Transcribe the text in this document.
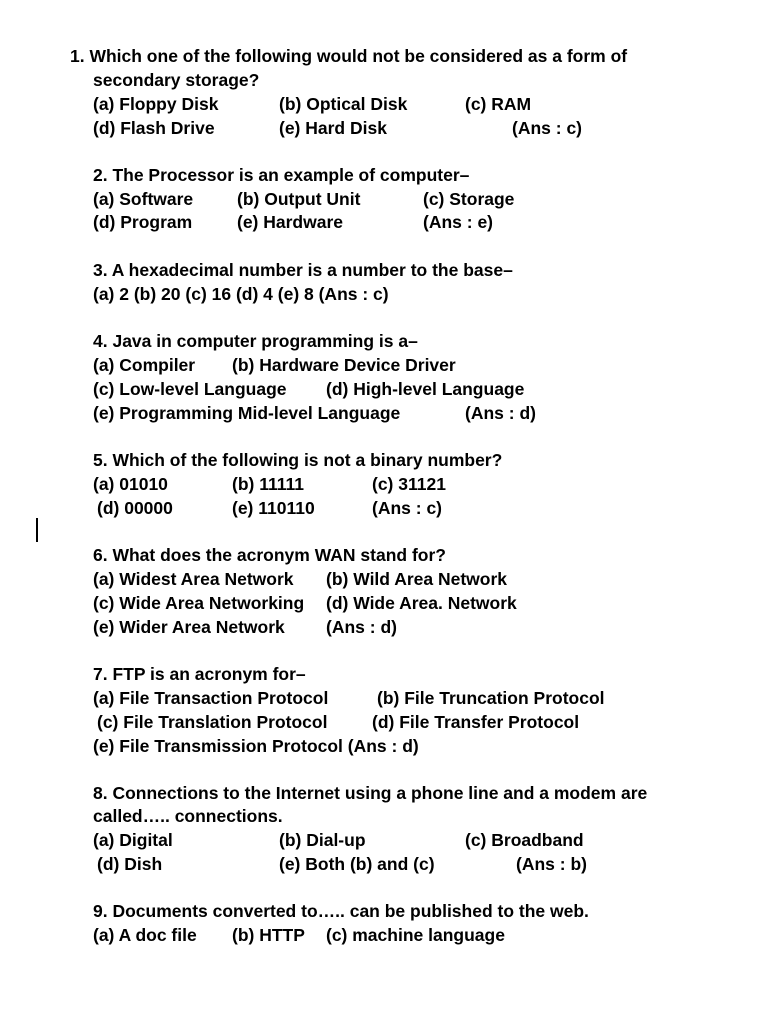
1. Which one of the following would not be considered as a form of
secondary storage?
(a) Floppy Disk	(b) Optical Disk	(c) RAM
(d) Flash Drive	(e) Hard Disk	(Ans : c)
2. The Processor is an example of computer–
(a) Software	(b) Output Unit	(c) Storage
(d) Program	(e) Hardware	(Ans : e)
3. A hexadecimal number is a number to the base–
(a) 2 (b) 20 (c) 16 (d) 4 (e) 8 (Ans : c)
4. Java in computer programming is a–
(a) Compiler (b) Hardware Device Driver
(c) Low-level Language (d) High-level Language
(e) Programming Mid-level Language	(Ans : d)
5. Which of the following is not a binary number?
(a) 01010	(b) 11111	(c) 31121
(d) 00000	(e) 110110	(Ans : c)
6. What does the acronym WAN stand for?
(a) Widest Area Network (b) Wild Area Network
(c) Wide Area Networking (d) Wide Area. Network
(e) Wider Area Network (Ans : d)
7. FTP is an acronym for–
(a) File Transaction Protocol	(b) File Truncation Protocol
(c) File Translation Protocol	(d) File Transfer Protocol
(e) File Transmission Protocol (Ans : d)
8. Connections to the Internet using a phone line and a modem are
called….. connections.
(a) Digital	(b) Dial-up	(c) Broadband
(d) Dish	(e) Both (b) and (c)	(Ans : b)
9. Documents converted to….. can be published to the web.
(a) A doc file (b) HTTP (c) machine language
